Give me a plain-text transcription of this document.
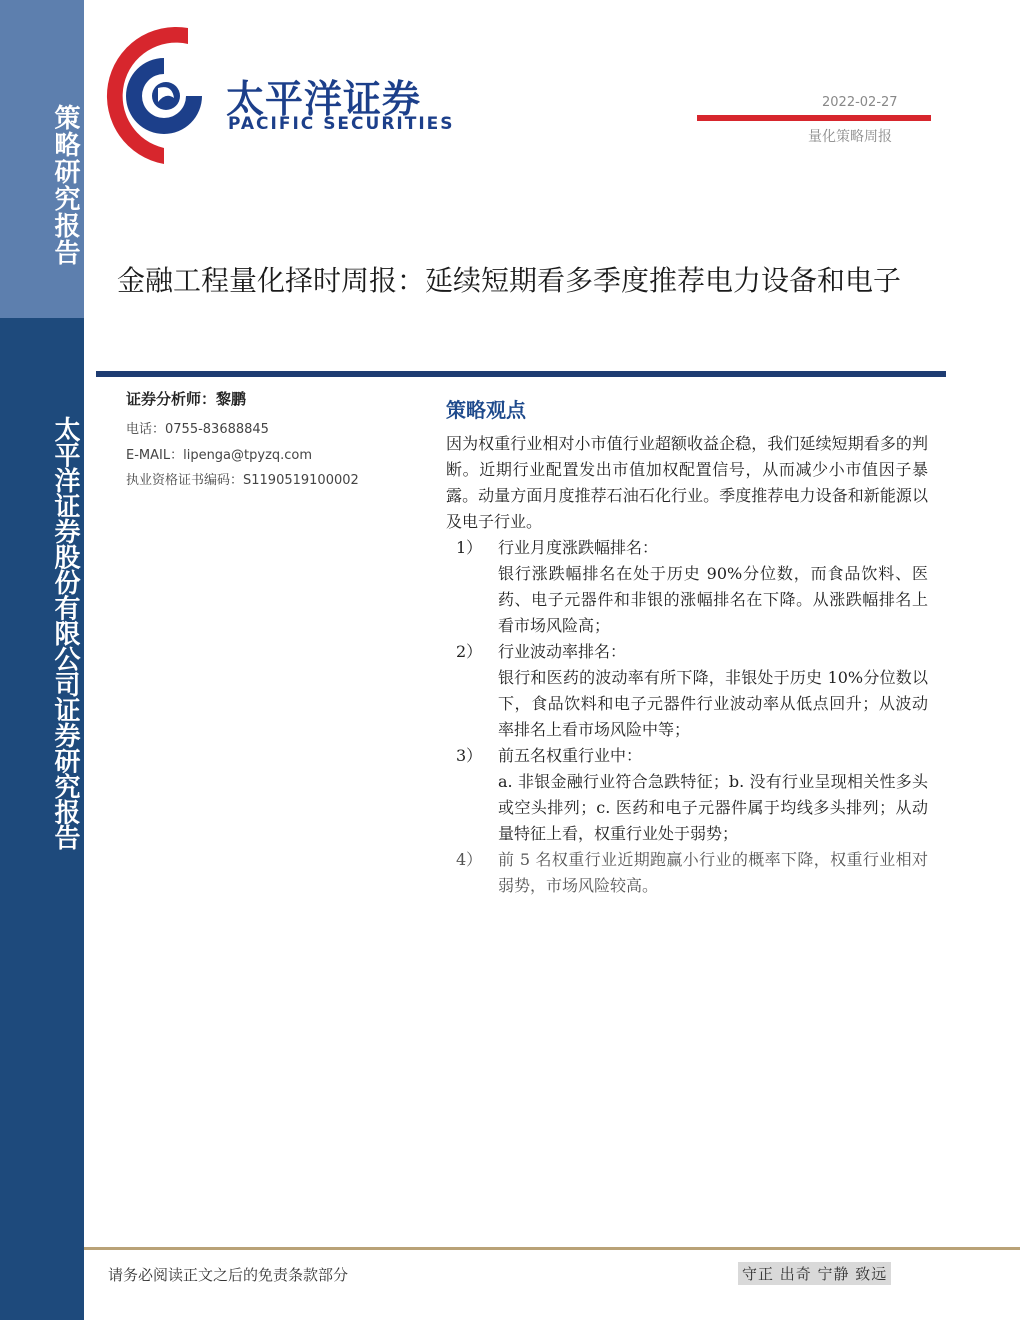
策略研究报告
太平洋证券股份有限公司证券研究报告
太平洋证券
PACIFIC SECURITIES
2022-02-27
量化策略周报
金融工程量化择时周报：延续短期看多季度推荐电力设备和电子
证券分析师：黎鹏
电话：0755-83688845
E-MAIL：lipenga@tpyzq.com
执业资格证书编码：S1190519100002
策略观点
因为权重行业相对小市值行业超额收益企稳，我们延续短期看多的判断。近期行业配置发出市值加权配置信号，从而减少小市值因子暴露。动量方面月度推荐石油石化行业。季度推荐电力设备和新能源以及电子行业。
1） 行业月度涨跌幅排名：
银行涨跌幅排名在处于历史 90%分位数，而食品饮料、医药、电子元器件和非银的涨幅排名在下降。从涨跌幅排名上看市场风险高；
2） 行业波动率排名：
银行和医药的波动率有所下降，非银处于历史 10%分位数以下，食品饮料和电子元器件行业波动率从低点回升；从波动率排名上看市场风险中等；
3） 前五名权重行业中：
a. 非银金融行业符合急跌特征；b. 没有行业呈现相关性多头或空头排列；c. 医药和电子元器件属于均线多头排列；从动量特征上看，权重行业处于弱势；
4） 前 5 名权重行业近期跑赢小行业的概率下降，权重行业相对弱势，市场风险较高。
请务必阅读正文之后的免责条款部分	守正 出奇 宁静 致远
